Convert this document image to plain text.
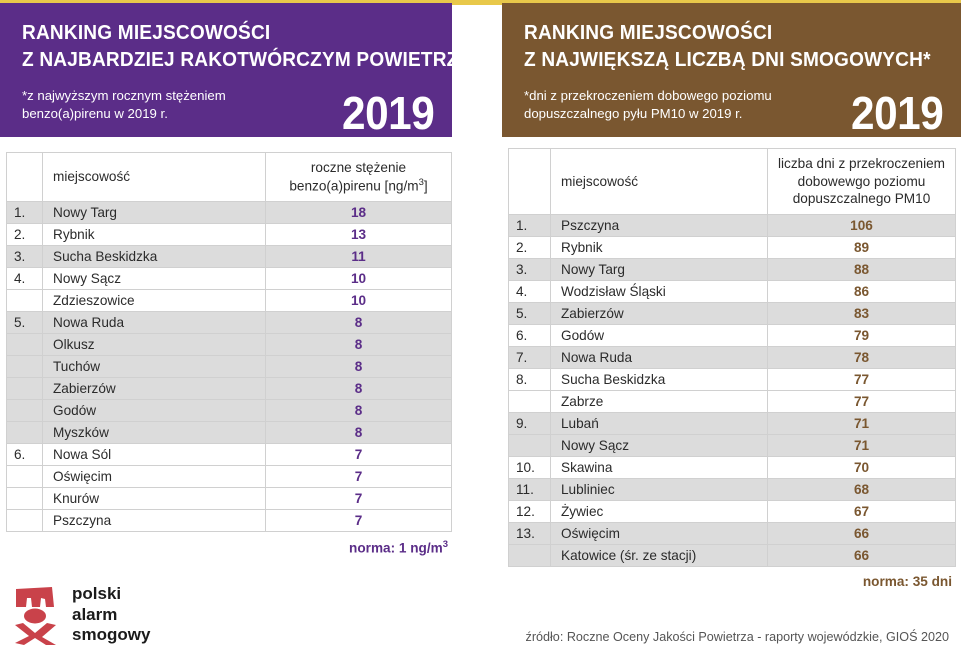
RANKING MIEJSCOWOŚCI
Z NAJBARDZIEJ RAKOTWÓRCZYM POWIETRZEM*
*z najwyższym rocznym stężeniem
benzo(a)pirenu w 2019 r.	2019
RANKING MIEJSCOWOŚCI
Z NAJWIĘKSZĄ LICZBĄ DNI SMOGOWYCH*
*dni z przekroczeniem dobowego poziomu
dopuszczalnego pyłu PM10 w 2019 r.	2019
	miejscowość	roczne stężenie
benzo(a)pirenu $[ng/m^3]$
1.	Nowy Targ	18
2.	Rybnik	13
3.	Sucha Beskidzka	11
4.	Nowy Sącz	10
	Zdzieszowice	10
5.	Nowa Ruda	8
	Olkusz	8
	Tuchów	8
	Zabierzów	8
	Godów	8
	Myszków	8
6.	Nowa Sól	7
	Oświęcim	7
	Knurów	7
	Pszczyna	7
norma: 1 $ng/m^3$
	miejscowość	liczba dni z przekroczeniem
dobowewgo poziomu
dopuszczalnego PM10
1.	Pszczyna	106
2.	Rybnik	89
3.	Nowy Targ	88
4.	Wodzisław Śląski	86
5.	Zabierzów	83
6.	Godów	79
7.	Nowa Ruda	78
8.	Sucha Beskidzka	77
	Zabrze	77
9.	Lubań	71
	Nowy Sącz	71
10.	Skawina	70
11.	Lubliniec	68
12.	Żywiec	67
13.	Oświęcim	66
	Katowice (śr. ze stacji)	66
norma: 35 dni
polski
alarm
smogowy	źródło: Roczne Oceny Jakości Powietrza - raporty wojewódzkie, GIOŚ 2020
